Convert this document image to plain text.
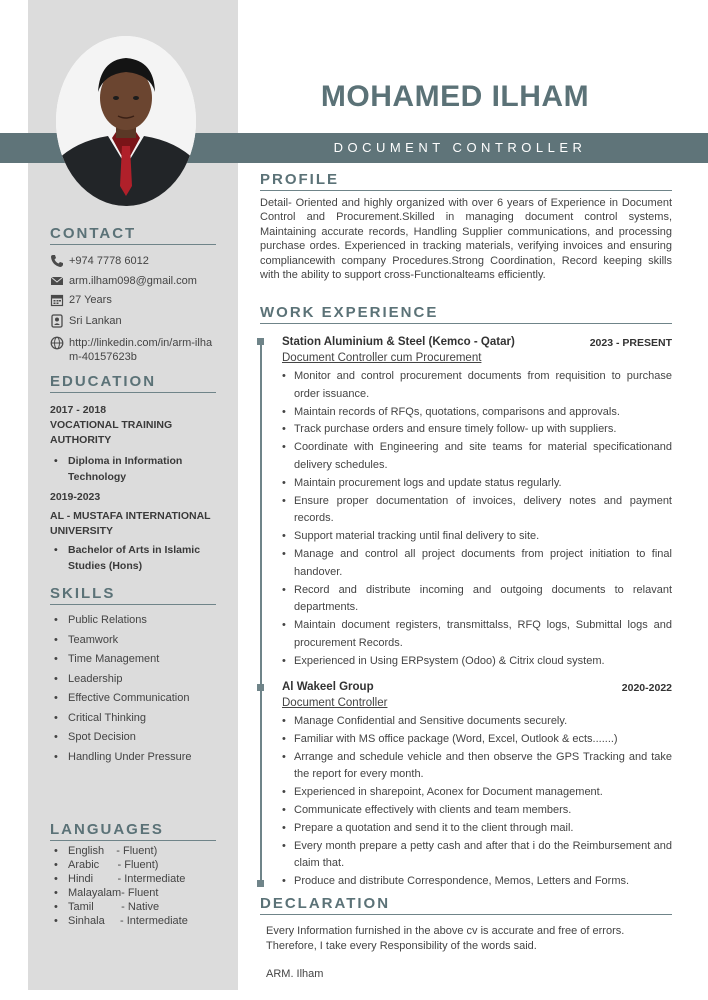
MOHAMED ILHAM
DOCUMENT CONTROLLER
CONTACT
+974 7778 6012
arm.ilham098@gmail.com
27 Years
Sri Lankan
http://linkedin.com/in/arm-ilham-40157623b
EDUCATION
2017 - 2018
VOCATIONAL TRAINING AUTHORITY
• Diploma in Information Technology
2019-2023
AL - MUSTAFA INTERNATIONAL UNIVERSITY
• Bachelor of Arts in Islamic Studies (Hons)
SKILLS
• Public Relations
• Teamwork
• Time Management
• Leadership
• Effective Communication
• Critical Thinking
• Spot Decision
• Handling Under Pressure
LANGUAGES
• English    - Fluent)
• Arabic      - Fluent)
• Hindi        - Intermediate
• Malayalam- Fluent
• Tamil         - Native
• Sinhala     - Intermediate
PROFILE
Detail- Oriented and highly organized with over 6 years of Experience in Document Control and Procurement.Skilled in managing document control systems, Maintaining accurate records, Handling Supplier communications, and processing purchase ordes. Experienced in tracking materials, verifying invoices and ensuring compliancewith company Procedures.Strong Coordination, Record keeping skills with the ability to support cross-Functionalteams efficiently.
WORK EXPERIENCE
Station Aluminium & Steel (Kemco - Qatar)	2023 - PRESENT
Document Controller cum Procurement
• Monitor and control procurement documents from requisition to purchase order issuance.
• Maintain records of RFQs, quotations, comparisons and approvals.
• Track purchase orders and ensure timely follow- up with suppliers.
• Coordinate with Engineering and site teams for material specificationand delivery schedules.
• Maintain procurement logs and update status regularly.
• Ensure proper documentation of invoices, delivery notes and payment records.
• Support material tracking until final delivery to site.
• Manage and control all project documents from project initiation to final handover.
• Record and distribute incoming and outgoing documents to relavant departments.
• Maintain document registers, transmittalss, RFQ logs, Submittal logs and procurement Records.
• Experienced in Using ERPsystem (Odoo) & Citrix cloud system.
Al Wakeel Group	2020-2022
Document Controller
• Manage Confidential and Sensitive documents securely.
• Familiar with MS office package (Word, Excel, Outlook & ects.......)
• Arrange and schedule vehicle and then observe the GPS Tracking and take the report for every month.
• Experienced in sharepoint, Aconex for Document management.
• Communicate effectively with clients and team members.
• Prepare a quotation and send it to the client through mail.
• Every month prepare a petty cash and after that i do the Reimbursement and claim that.
• Produce and distribute Correspondence, Memos, Letters and Forms.
DECLARATION
Every Information furnished in the above cv is accurate and free of errors. Therefore, I take every Responsibility of the words said.
ARM. Ilham
